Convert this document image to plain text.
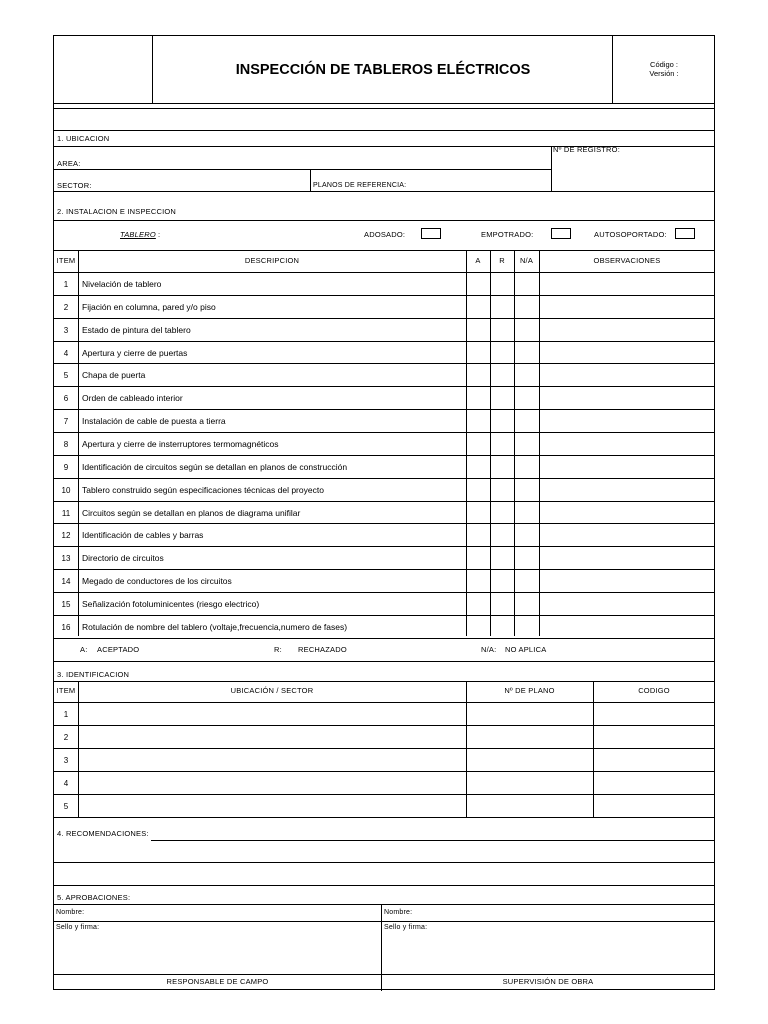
INSPECCIÓN DE TABLEROS ELÉCTRICOS	Código :
Versión :
1. UBICACION
AREA:
Nº DE REGISTRO:
SECTOR:	PLANOS DE REFERENCIA:
2. INSTALACION E INSPECCION
TABLERO :	ADOSADO:	EMPOTRADO:	AUTOSOPORTADO:
ITEM	DESCRIPCION	A	R	N/A	OBSERVACIONES
1	Nivelación de tablero
2	Fijación en columna, pared y/o piso
3	Estado de pintura del tablero
4	Apertura y cierre de puertas
5	Chapa de puerta
6	Orden de cableado interior
7	Instalación de cable de puesta a tierra
8	Apertura y cierre de insterruptores termomagnéticos
9	Identificación de circuitos según se detallan en planos de construcción
10	Tablero construido según especificaciones técnicas del proyecto
11	Circuitos según se detallan en planos de diagrama unifilar
12	Identificación de cables y barras
13	Directorio de circuitos
14	Megado de conductores de los circuitos
15	Señalización fotoluminicentes (riesgo electrico)
16	Rotulación de nombre del tablero (voltaje,frecuencia,numero de fases)
A: ACEPTADO	R: RECHAZADO	N/A: NO APLICA
3. IDENTIFICACION
ITEM	UBICACIÓN / SECTOR	Nº DE PLANO	CODIGO
1
2
3
4
5
4. RECOMENDACIONES:
5. APROBACIONES:
Nombre:	Nombre:
Sello y firma:	Sello y firma:
RESPONSABLE DE CAMPO	SUPERVISIÓN DE OBRA
